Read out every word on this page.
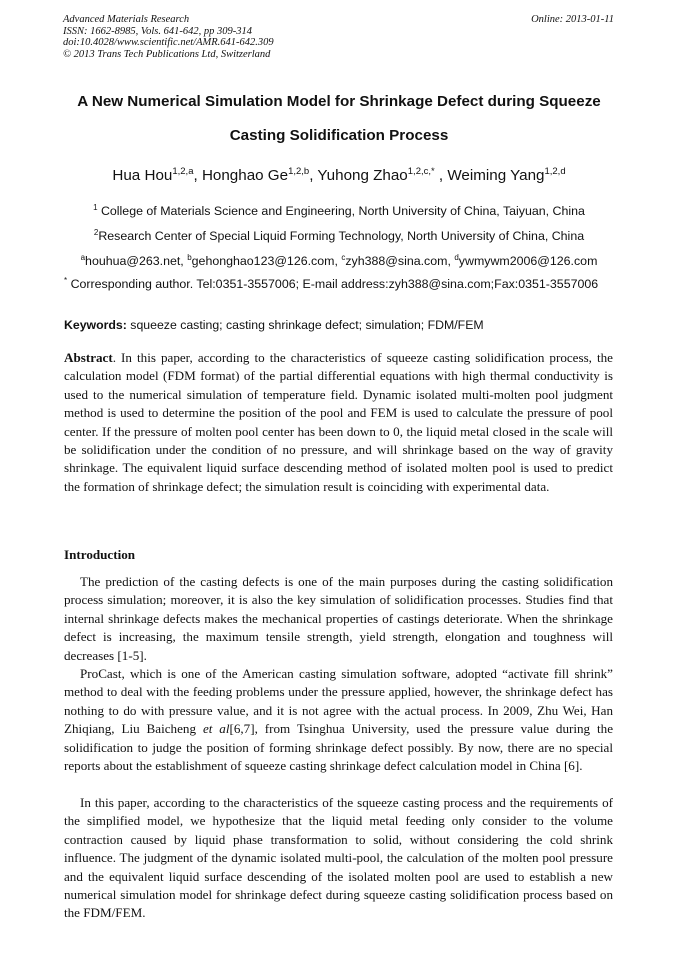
Advanced Materials Research
ISSN: 1662-8985, Vols. 641-642, pp 309-314
doi:10.4028/www.scientific.net/AMR.641-642.309
© 2013 Trans Tech Publications Ltd, Switzerland
Online: 2013-01-11
A New Numerical Simulation Model for Shrinkage Defect during Squeeze
Casting Solidification Process
Hua Hou$^{1,2,a}$, Honghao Ge$^{1,2,b}$, Yuhong Zhao$^{1,2,c,*}$ , Weiming Yang$^{1,2,d}$
$^1$ College of Materials Science and Engineering, North University of China, Taiyuan, China
$^2$Research Center of Special Liquid Forming Technology, North University of China, China
$^a$houhua@263.net, $^b$gehonghao123@126.com, $^c$zyh388@sina.com, $^d$ywmywm2006@126.com
* Corresponding author. Tel:0351-3557006; E-mail address:zyh388@sina.com;Fax:0351-3557006
Keywords: squeeze casting; casting shrinkage defect; simulation; FDM/FEM
Abstract. In this paper, according to the characteristics of squeeze casting solidification process, the calculation model (FDM format) of the partial differential equations with high thermal conductivity is used to the numerical simulation of temperature field. Dynamic isolated multi-molten pool judgment method is used to determine the position of the pool and FEM is used to calculate the pressure of pool center. If the pressure of molten pool center has been down to 0, the liquid metal closed in the scale will be solidification under the condition of no pressure, and will shrinkage based on the way of gravity shrinkage. The equivalent liquid surface descending method of isolated molten pool is used to predict the formation of shrinkage defect; the simulation result is coinciding with experimental data.
Introduction
The prediction of the casting defects is one of the main purposes during the casting solidification process simulation; moreover, it is also the key simulation of solidification processes. Studies find that internal shrinkage defects makes the mechanical properties of castings deteriorate. When the shrinkage defect is increasing, the maximum tensile strength, yield strength, elongation and toughness will decreases [1-5].
ProCast, which is one of the American casting simulation software, adopted “activate fill shrink” method to deal with the feeding problems under the pressure applied, however, the shrinkage defect has nothing to do with pressure value, and it is not agree with the actual process. In 2009, Zhu Wei, Han Zhiqiang, Liu Baicheng et al[6,7], from Tsinghua University, used the pressure value during the solidification to judge the position of forming shrinkage defect possibly. By now, there are no special reports about the establishment of squeeze casting shrinkage defect calculation model in China [6].
In this paper, according to the characteristics of the squeeze casting process and the requirements of the simplified model, we hypothesize that the liquid metal feeding only consider to the volume contraction caused by liquid phase transformation to solid, without considering the cold shrink influence. The judgment of the dynamic isolated multi-pool, the calculation of the molten pool pressure and the equivalent liquid surface descending of the isolated molten pool are used to establish a new numerical simulation model for shrinkage defect during squeeze casting solidification process based on the FDM/FEM.
